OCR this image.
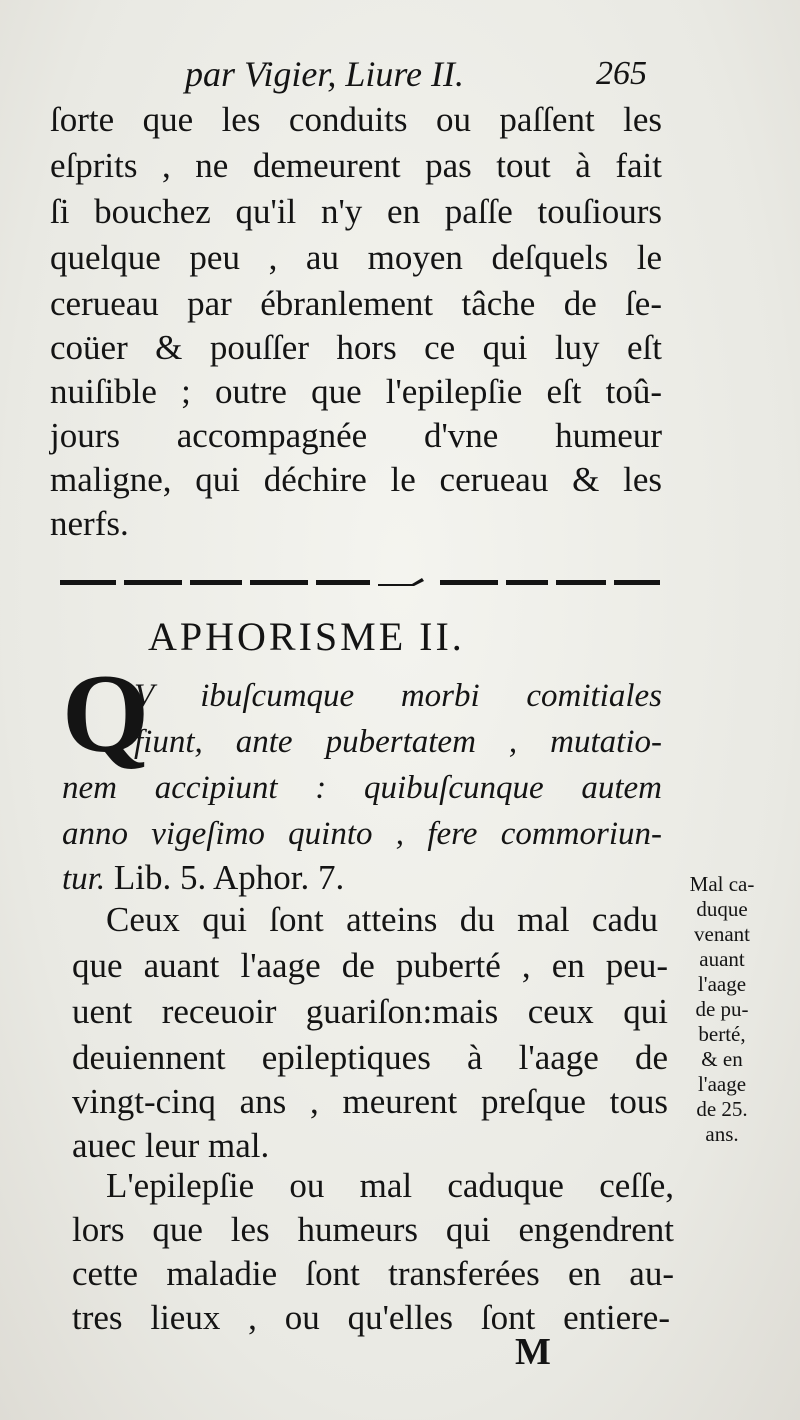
par Vigier, Liure II.	265
ſorte que les conduits ou paſſent les
eſprits , ne demeurent pas tout à fait
ſi bouchez qu'il n'y en paſſe touſiours
quelque peu , au moyen deſquels le
cerueau par ébranlement tâche de ſe-
coüer & pouſſer hors ce qui luy eſt
nuiſible ; outre que l'epilepſie eſt toû-
jours accompagnée d'vne humeur
maligne, qui déchire le cerueau & les
nerfs.
APHORISME II.
Q
V ibuſcumque morbi comitiales
fiunt, ante pubertatem , mutatio-
nem accipiunt : quibuſcunque autem
anno vigeſimo quinto , fere commoriun-
tur. Lib. 5. Aphor. 7.
Ceux qui ſont atteins du mal cadu
que auant l'aage de puberté , en peu-
uent receuoir guariſon:mais ceux qui
deuiennent epileptiques à l'aage de
vingt-cinq ans , meurent preſque tous
auec leur mal.
L'epilepſie ou mal caduque ceſſe,
lors que les humeurs qui engendrent
cette maladie ſont transferées en au-
tres lieux , ou qu'elles ſont entiere-
Mal ca-
duque
venant
auant
l'aage
de pu-
berté,
& en
l'aage
de 25.
ans.
M
